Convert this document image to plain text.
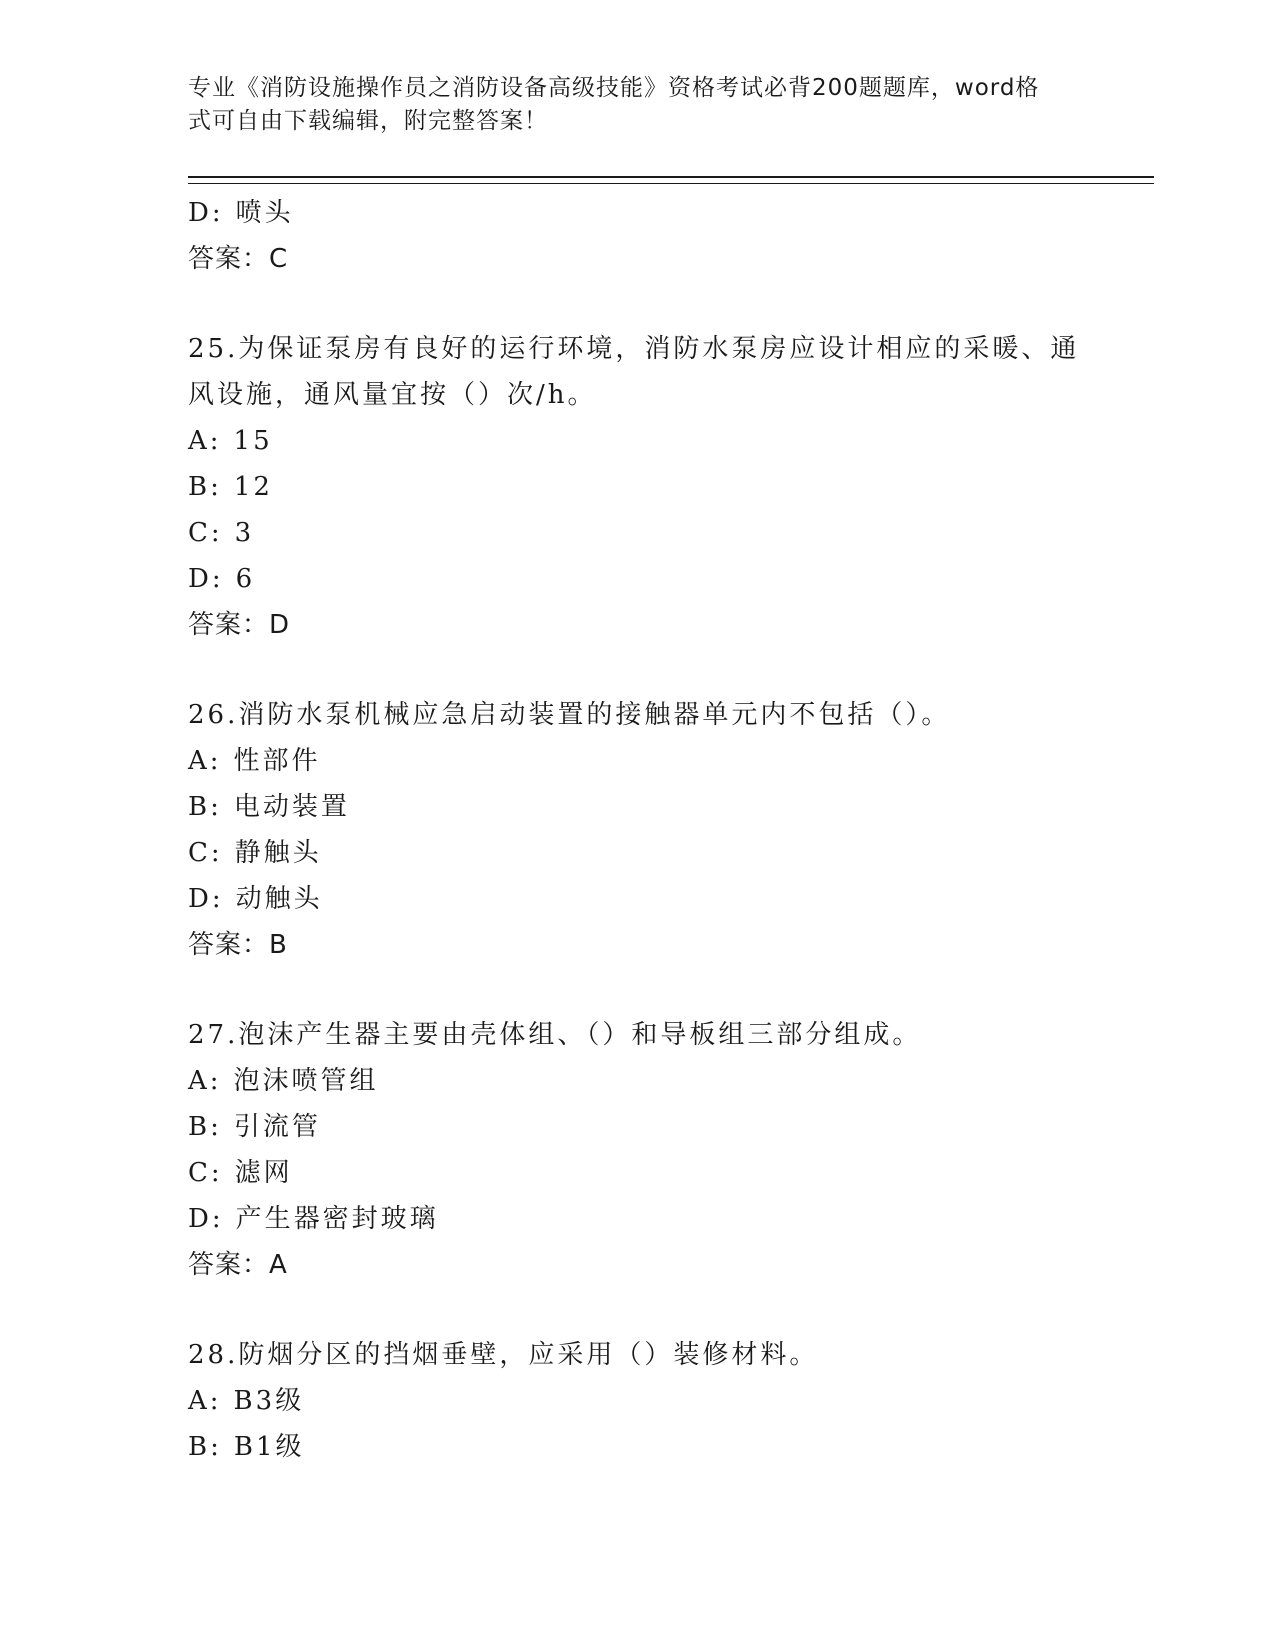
专业《消防设施操作员之消防设备高级技能》资格考试必背200题题库，word格
式可自由下载编辑，附完整答案！
D: 喷头
答案：C
25.为保证泵房有良好的运行环境，消防水泵房应设计相应的采暖、通
风设施，通风量宜按（）次/h。
A: 15
B: 12
C: 3
D: 6
答案：D
26.消防水泵机械应急启动装置的接触器单元内不包括（）。
A: 性部件
B: 电动装置
C: 静触头
D: 动触头
答案：B
27.泡沫产生器主要由壳体组、（）和导板组三部分组成。
A: 泡沫喷管组
B: 引流管
C: 滤网
D: 产生器密封玻璃
答案：A
28.防烟分区的挡烟垂壁，应采用（）装修材料。
A: B3级
B: B1级
